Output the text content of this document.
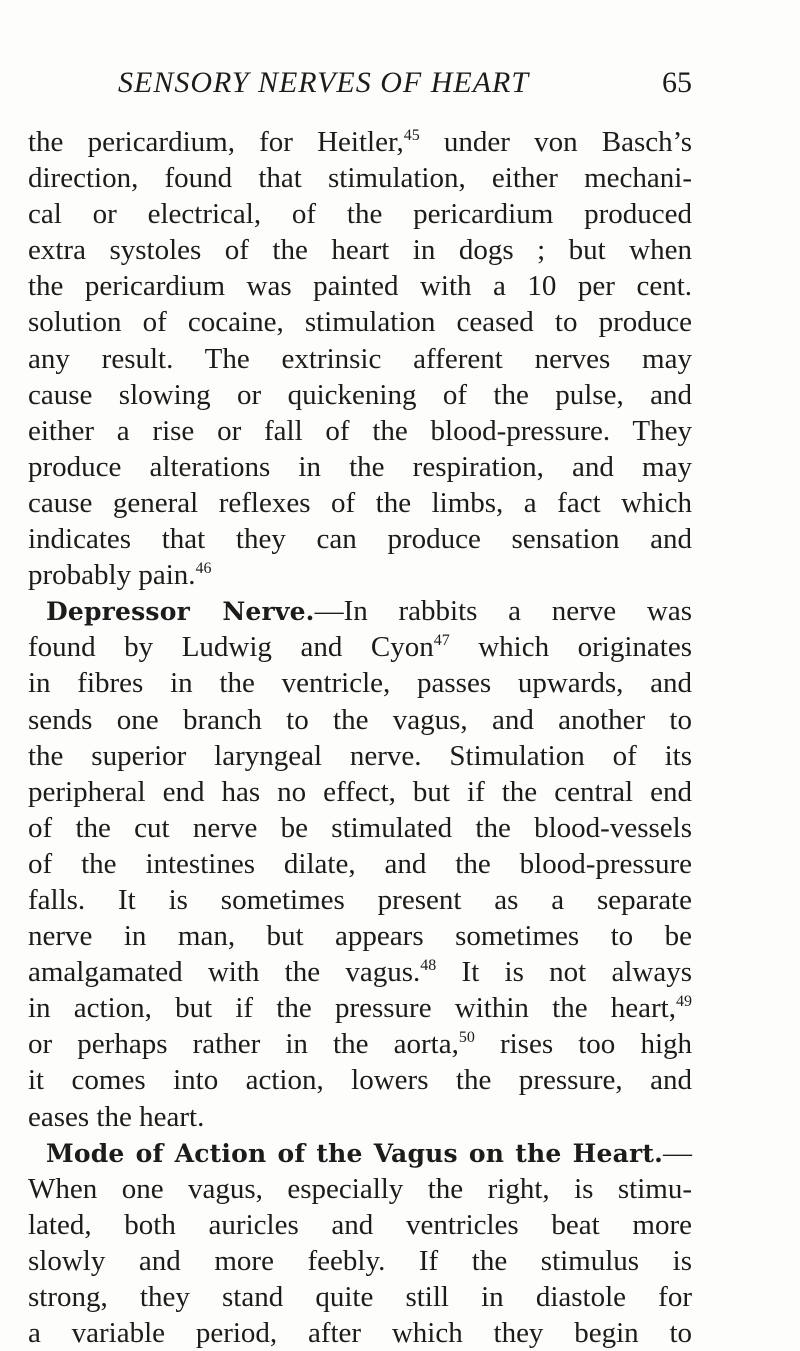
SENSORY NERVES OF HEART	65
the pericardium, for Heitler,$^{45}$ under von Basch’s
direction, found that stimulation, either mechani-
cal or electrical, of the pericardium produced
extra systoles of the heart in dogs ; but when
the pericardium was painted with a 10 per cent.
solution of cocaine, stimulation ceased to produce
any result. The extrinsic afferent nerves may
cause slowing or quickening of the pulse, and
either a rise or fall of the blood-pressure. They
produce alterations in the respiration, and may
cause general reflexes of the limbs, a fact which
indicates that they can produce sensation and
probably pain.$^{46}$
Depressor Nerve.—In rabbits a nerve was
found by Ludwig and Cyon$^{47}$ which originates
in fibres in the ventricle, passes upwards, and
sends one branch to the vagus, and another to
the superior laryngeal nerve. Stimulation of its
peripheral end has no effect, but if the central end
of the cut nerve be stimulated the blood-vessels
of the intestines dilate, and the blood-pressure
falls. It is sometimes present as a separate
nerve in man, but appears sometimes to be
amalgamated with the vagus.$^{48}$ It is not always
in action, but if the pressure within the heart,$^{49}$
or perhaps rather in the aorta,$^{50}$ rises too high
it comes into action, lowers the pressure, and
eases the heart.
Mode of Action of the Vagus on the Heart.—
When one vagus, especially the right, is stimu-
lated, both auricles and ventricles beat more
slowly and more feebly. If the stimulus is
strong, they stand quite still in diastole for
a variable period, after which they begin to
